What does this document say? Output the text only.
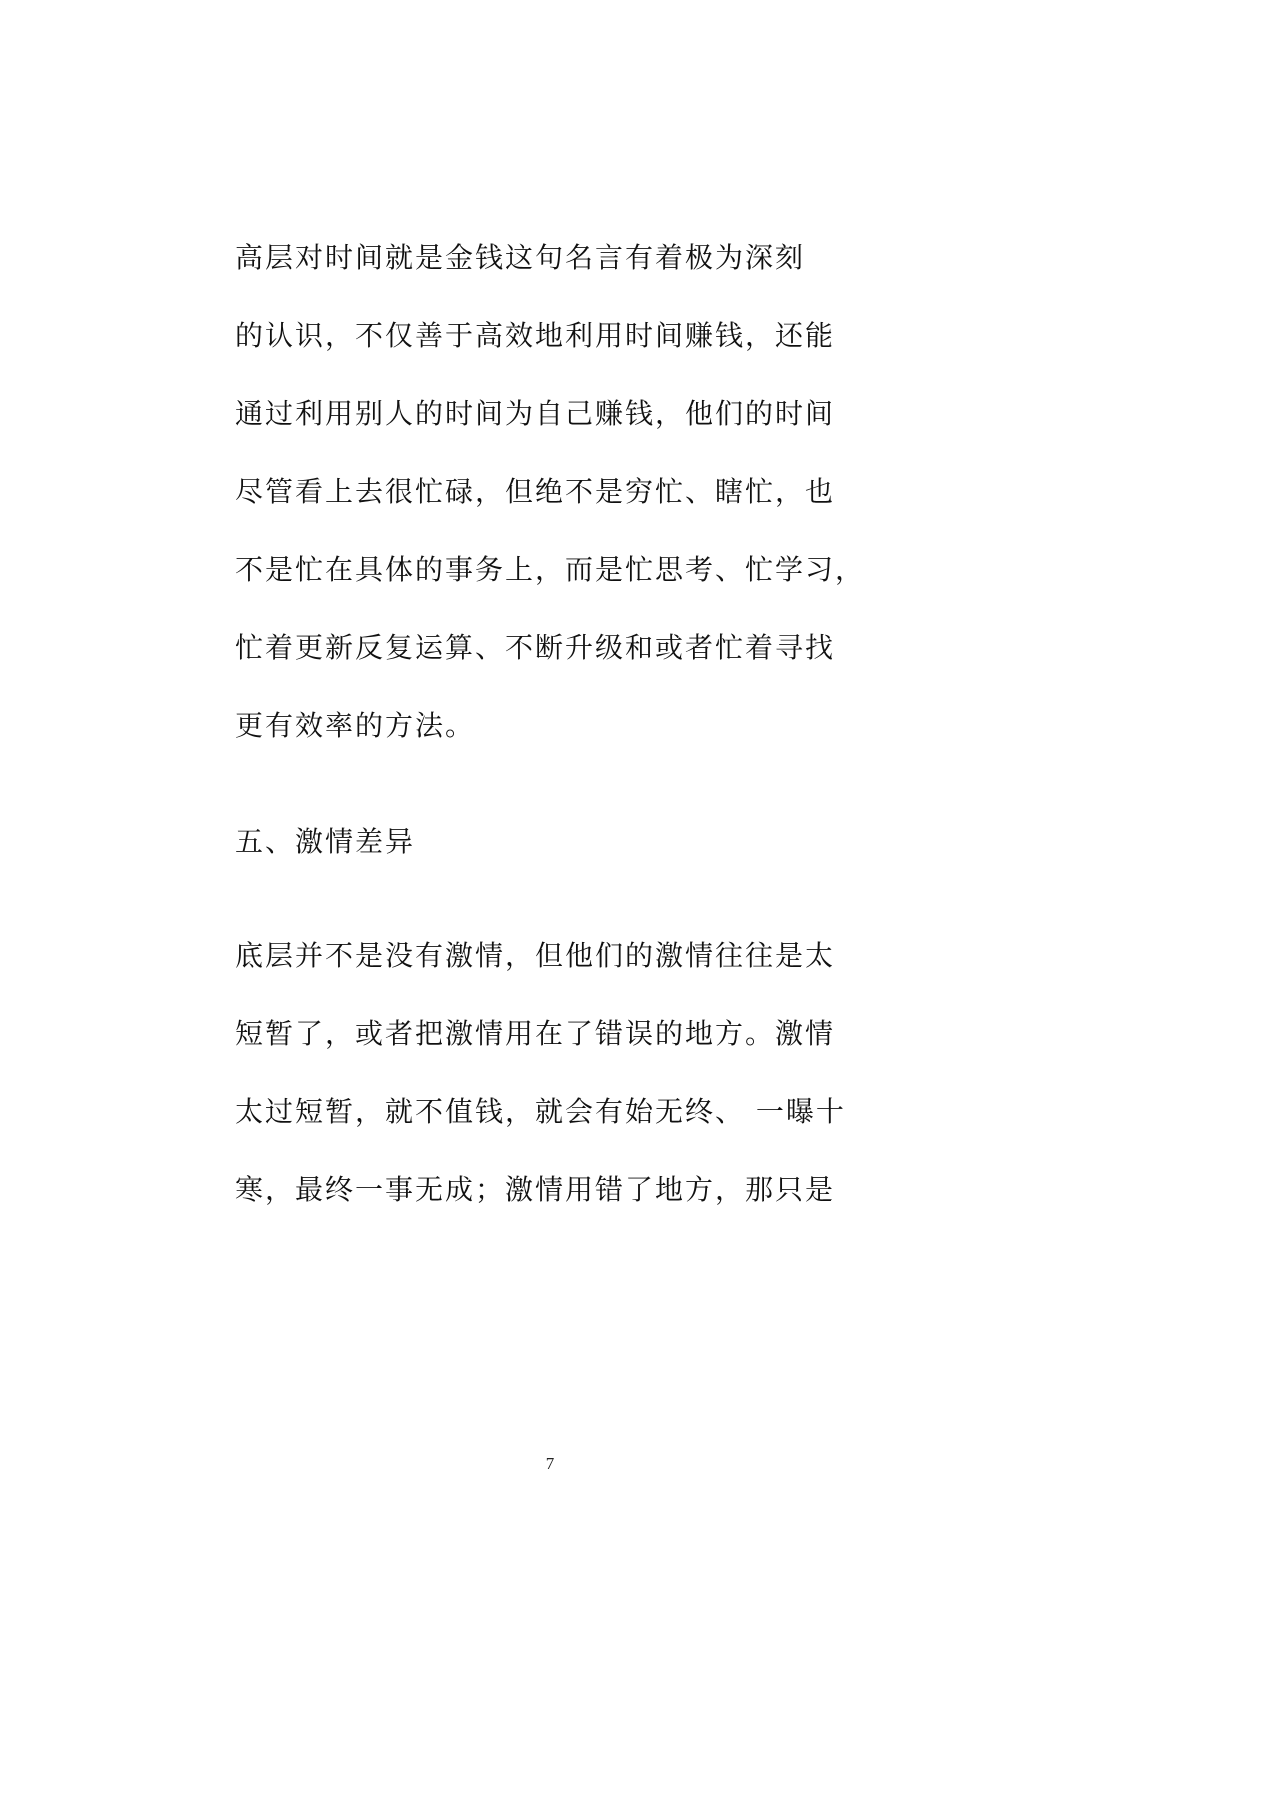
高层对时间就是金钱这句名言有着极为深刻
的认识，不仅善于高效地利用时间赚钱，还能
通过利用别人的时间为自己赚钱，他们的时间
尽管看上去很忙碌，但绝不是穷忙、瞎忙，也
不是忙在具体的事务上，而是忙思考、忙学习，
忙着更新反复运算、不断升级和或者忙着寻找
更有效率的方法。
五、激情差异
底层并不是没有激情，但他们的激情往往是太
短暂了，或者把激情用在了错误的地方。激情
太过短暂，就不值钱，就会有始无终、 一曝十
寒，最终一事无成；激情用错了地方，那只是
7
